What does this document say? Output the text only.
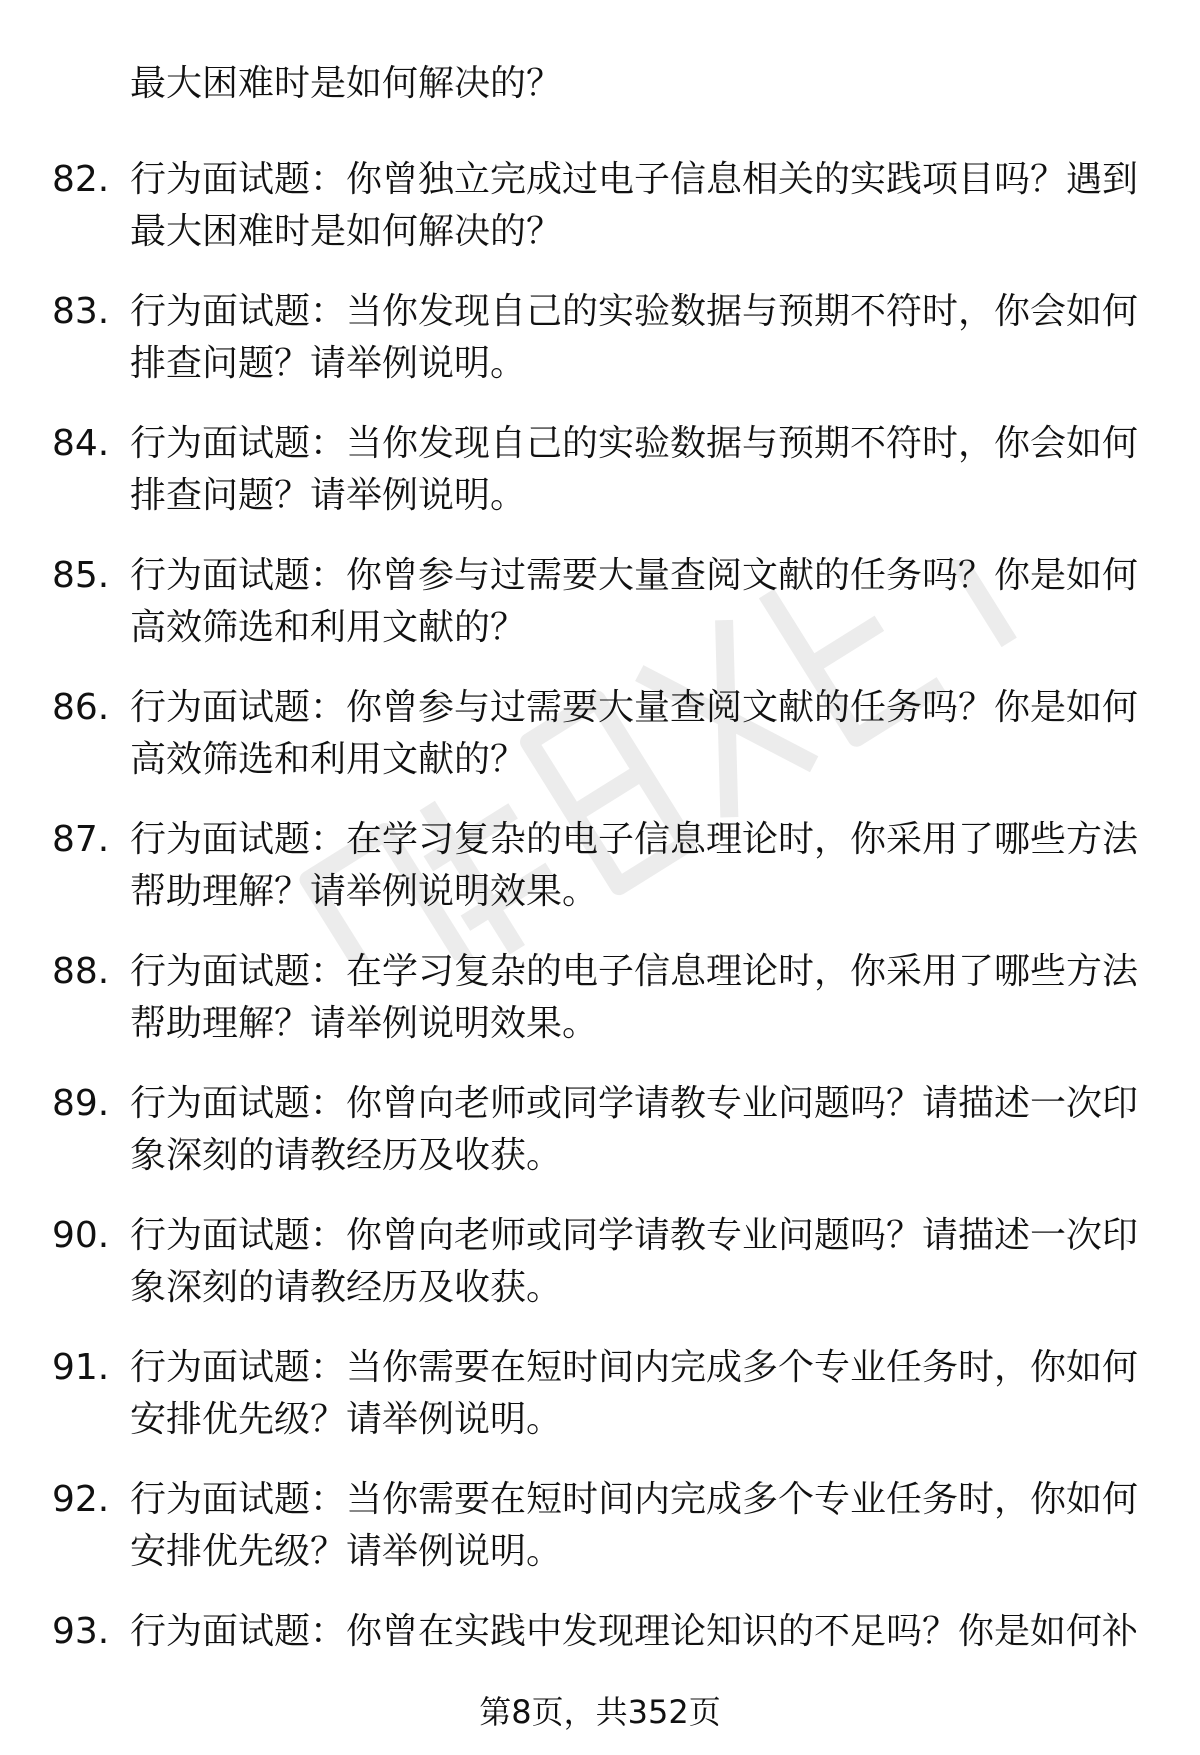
最大困难时是如何解决的？
82. 行为面试题：你曾独立完成过电子信息相关的实践项目吗？遇到最大困难时是如何解决的？
83. 行为面试题：当你发现自己的实验数据与预期不符时，你会如何排查问题？请举例说明。
84. 行为面试题：当你发现自己的实验数据与预期不符时，你会如何排查问题？请举例说明。
85. 行为面试题：你曾参与过需要大量查阅文献的任务吗？你是如何高效筛选和利用文献的？
86. 行为面试题：你曾参与过需要大量查阅文献的任务吗？你是如何高效筛选和利用文献的？
87. 行为面试题：在学习复杂的电子信息理论时，你采用了哪些方法帮助理解？请举例说明效果。
88. 行为面试题：在学习复杂的电子信息理论时，你采用了哪些方法帮助理解？请举例说明效果。
89. 行为面试题：你曾向老师或同学请教专业问题吗？请描述一次印象深刻的请教经历及收获。
90. 行为面试题：你曾向老师或同学请教专业问题吗？请描述一次印象深刻的请教经历及收获。
91. 行为面试题：当你需要在短时间内完成多个专业任务时，你如何安排优先级？请举例说明。
92. 行为面试题：当你需要在短时间内完成多个专业任务时，你如何安排优先级？请举例说明。
93. 行为面试题：你曾在实践中发现理论知识的不足吗？你是如何补
第8页，共352页
